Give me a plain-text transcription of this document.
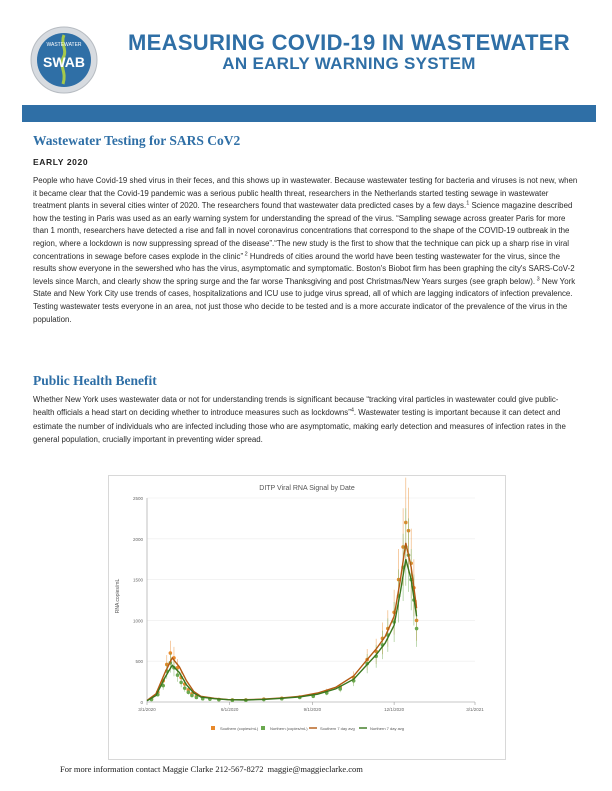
WASTEWATER
SWAB
MEASURING COVID-19 IN WASTEWATER
AN EARLY WARNING SYSTEM
Wastewater Testing for SARS CoV2
EARLY 2020
People who have Covid-19 shed virus in their feces, and this shows up in wastewater. Because wastewater testing for bacteria and viruses is not new, when it became clear that the Covid-19 pandemic was a serious public health threat, researchers in the Netherlands started testing sewage in wastewater treatment plants in several cities winter of 2020. The researchers found that wastewater data predicted cases by a few days.$^1$ Science magazine described how the testing in Paris was used as an early warning system for understanding the spread of the virus. “Sampling sewage across greater Paris for more than 1 month, researchers have detected a rise and fall in novel coronavirus concentrations that correspond to the shape of the COVID-19 outbreak in the region, where a lockdown is now suppressing spread of the disease”.“The new study is the first to show that the technique can pick up a sharp rise in viral concentrations in sewage before cases explode in the clinic” $^2$ Hundreds of cities around the world have been testing wastewater for the virus, since the results show everyone in the sewershed who has the virus, asymptomatic and symptomatic. Boston's Biobot firm has been graphing the city's SARS-CoV-2 levels since March, and clearly show the spring surge and the far worse Thanksgiving and post Christmas/New Years surges (see graph below). $^3$ New York State and New York City use trends of cases, hospitalizations and ICU use to judge virus spread, all of which are lagging indicators of infection prevalence. Testing wastewater tests everyone in an area, not just those who decide to be tested and is a more accurate indicator of the prevalence of the virus in the population.
Public Health Benefit
Whether New York uses wastewater data or not for understanding trends is significant because “tracking viral particles in wastewater could give public-health officials a head start on deciding whether to introduce measures such as lockdowns”$^4$. Wastewater testing is important because it can detect and estimate the number of individuals who are infected including those who are asymptomatic, making early detection and measures of infection rates in the general population, crucially important in preventing wider spread.
DITP Viral RNA Signal by Date
RNA copies/mL
0
500
1000
1500
2000
2500
3/1/2020	6/1/2020	9/1/2020	12/1/2020	3/1/2021
Southern (copies/mL)	Northern (copies/mL)	Southern 7 day avg	Northern 7 day avg
For more information contact Maggie Clarke 212-567-8272 maggie@maggieclarke.com
